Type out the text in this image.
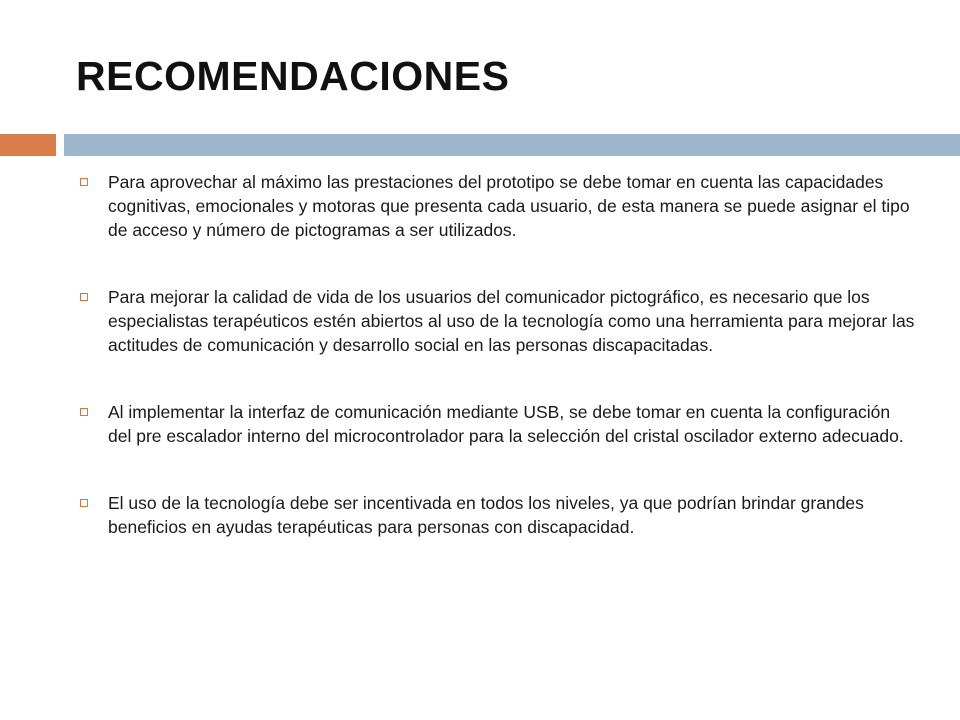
RECOMENDACIONES
Para aprovechar al máximo las prestaciones del prototipo se debe tomar en cuenta las capacidades cognitivas, emocionales y motoras que presenta cada usuario, de esta manera se puede asignar el tipo de acceso y número de pictogramas a ser utilizados.
Para mejorar la calidad de vida de los usuarios del comunicador pictográfico, es necesario que los especialistas terapéuticos estén abiertos al uso de la tecnología como una herramienta para mejorar las actitudes de comunicación y desarrollo social en las personas discapacitadas.
Al implementar la interfaz de comunicación mediante USB, se debe tomar en cuenta la configuración del pre escalador interno del microcontrolador para la selección del cristal oscilador externo adecuado.
El uso de la tecnología debe ser incentivada en todos los niveles, ya que podrían brindar grandes beneficios en ayudas terapéuticas para personas con discapacidad.
